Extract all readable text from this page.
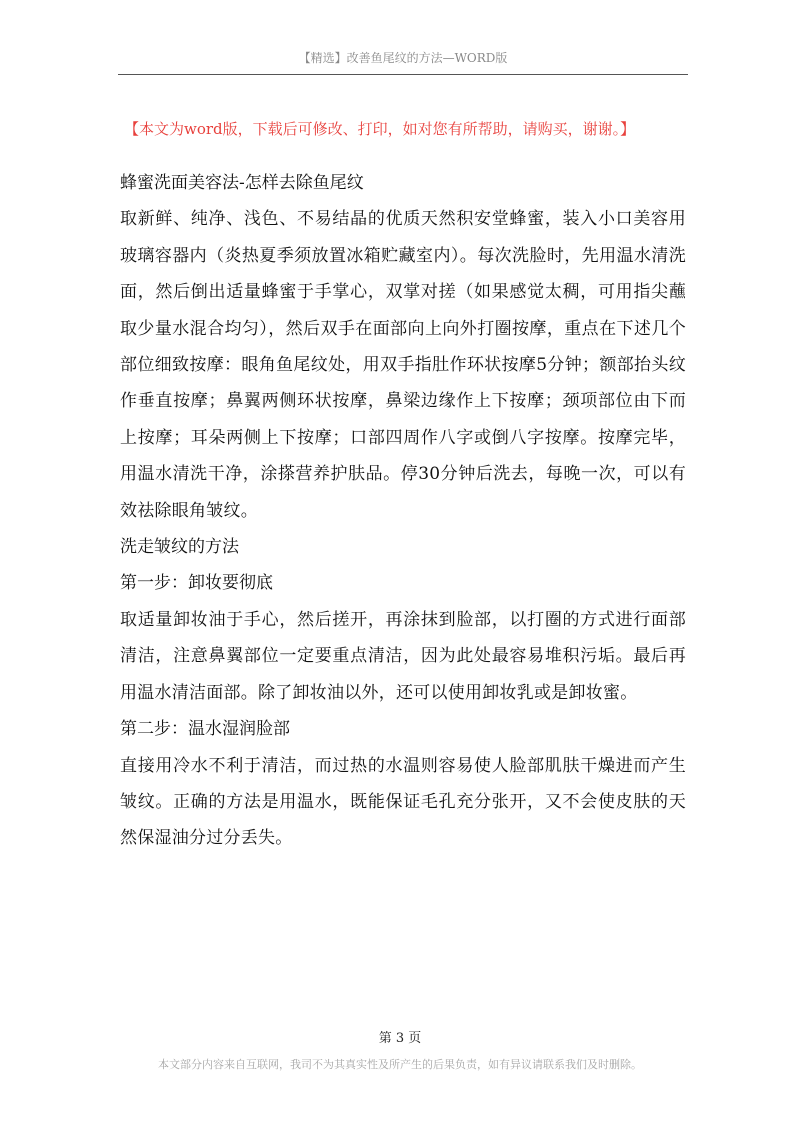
【精选】改善鱼尾纹的方法—WORD版
【本文为word版，下载后可修改、打印，如对您有所帮助，请购买，谢谢。】

蜂蜜洗面美容法-怎样去除鱼尾纹

取新鲜、纯净、浅色、不易结晶的优质天然积安堂蜂蜜，装入小口美容用玻璃容器内（炎热夏季须放置冰箱贮藏室内）。每次洗脸时，先用温水清洗面，然后倒出适量蜂蜜于手掌心，双掌对搓（如果感觉太稠，可用指尖蘸取少量水混合均匀），然后双手在面部向上向外打圈按摩，重点在下述几个部位细致按摩：眼角鱼尾纹处，用双手指肚作环状按摩5分钟；额部抬头纹作垂直按摩；鼻翼两侧环状按摩，鼻梁边缘作上下按摩；颈项部位由下而上按摩；耳朵两侧上下按摩；口部四周作八字或倒八字按摩。按摩完毕，用温水清洗干净，涂搽营养护肤品。停30分钟后洗去，每晚一次，可以有效祛除眼角皱纹。

洗走皱纹的方法

第一步：卸妆要彻底

取适量卸妆油于手心，然后搓开，再涂抹到脸部，以打圈的方式进行面部清洁，注意鼻翼部位一定要重点清洁，因为此处最容易堆积污垢。最后再用温水清洁面部。除了卸妆油以外，还可以使用卸妆乳或是卸妆蜜。

第二步：温水湿润脸部

直接用冷水不利于清洁，而过热的水温则容易使人脸部肌肤干燥进而产生皱纹。正确的方法是用温水，既能保证毛孔充分张开，又不会使皮肤的天然保湿油分过分丢失。

第 3 页
本文部分内容来自互联网，我司不为其真实性及所产生的后果负责，如有异议请联系我们及时删除。
